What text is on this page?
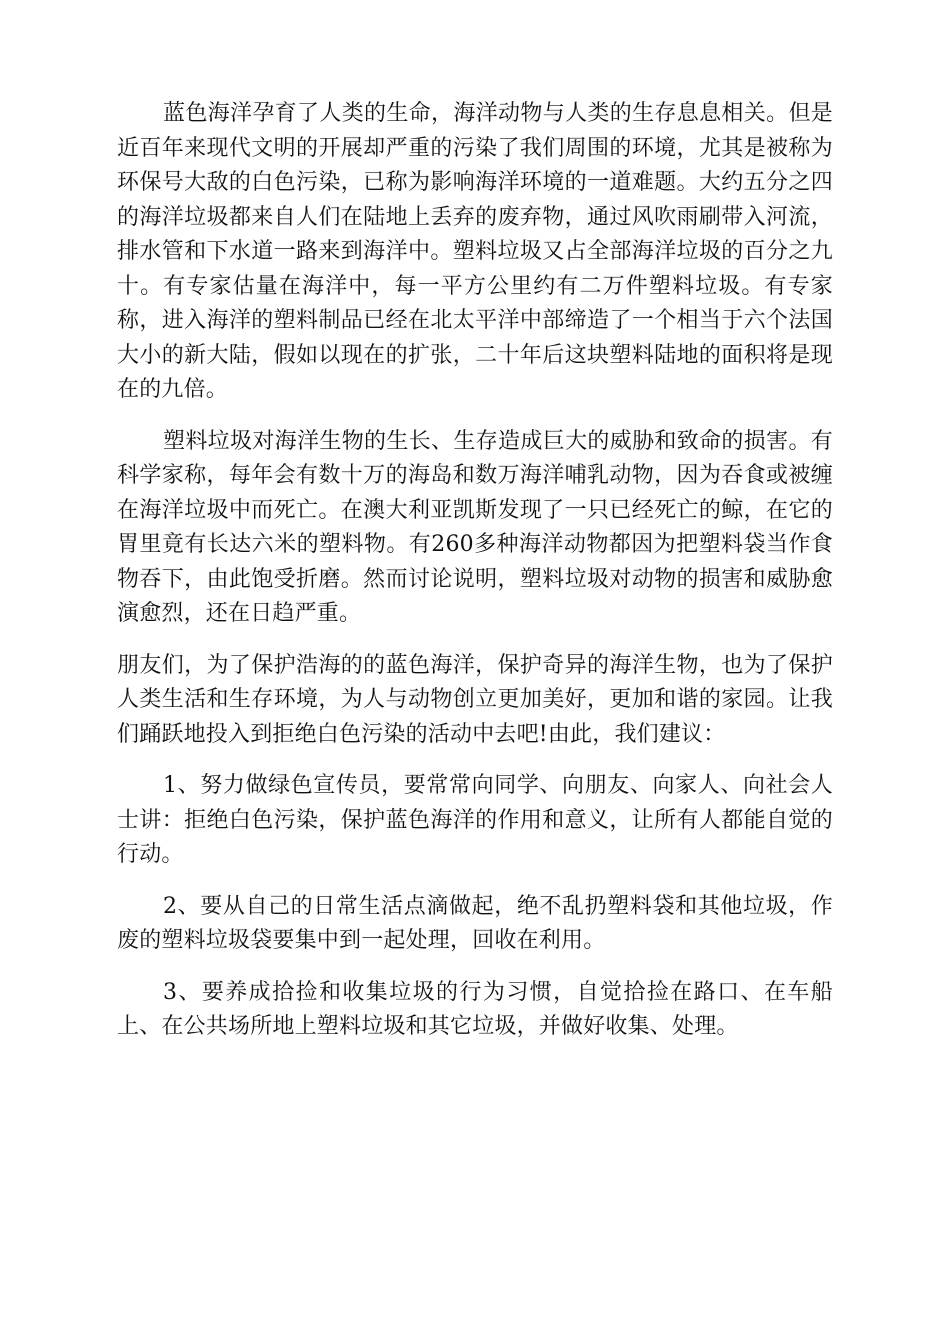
蓝色海洋孕育了人类的生命，海洋动物与人类的生存息息相关。但是近百年来现代文明的开展却严重的污染了我们周围的环境，尤其是被称为环保号大敌的白色污染，已称为影响海洋环境的一道难题。大约五分之四的海洋垃圾都来自人们在陆地上丢弃的废弃物，通过风吹雨刷带入河流，排水管和下水道一路来到海洋中。塑料垃圾又占全部海洋垃圾的百分之九十。有专家估量在海洋中，每一平方公里约有二万件塑料垃圾。有专家称，进入海洋的塑料制品已经在北太平洋中部缔造了一个相当于六个法国大小的新大陆，假如以现在的扩张，二十年后这块塑料陆地的面积将是现在的九倍。

塑料垃圾对海洋生物的生长、生存造成巨大的威胁和致命的损害。有科学家称，每年会有数十万的海岛和数万海洋哺乳动物，因为吞食或被缠在海洋垃圾中而死亡。在澳大利亚凯斯发现了一只已经死亡的鲸，在它的胃里竟有长达六米的塑料物。有260多种海洋动物都因为把塑料袋当作食物吞下，由此饱受折磨。然而讨论说明，塑料垃圾对动物的损害和威胁愈演愈烈，还在日趋严重。

朋友们，为了保护浩海的的蓝色海洋，保护奇异的海洋生物，也为了保护人类生活和生存环境，为人与动物创立更加美好，更加和谐的家园。让我们踊跃地投入到拒绝白色污染的活动中去吧!由此，我们建议：

1、努力做绿色宣传员，要常常向同学、向朋友、向家人、向社会人士讲：拒绝白色污染，保护蓝色海洋的作用和意义，让所有人都能自觉的行动。

2、要从自己的日常生活点滴做起，绝不乱扔塑料袋和其他垃圾，作废的塑料垃圾袋要集中到一起处理，回收在利用。

3、要养成拾捡和收集垃圾的行为习惯，自觉拾捡在路口、在车船上、在公共场所地上塑料垃圾和其它垃圾，并做好收集、处理。
